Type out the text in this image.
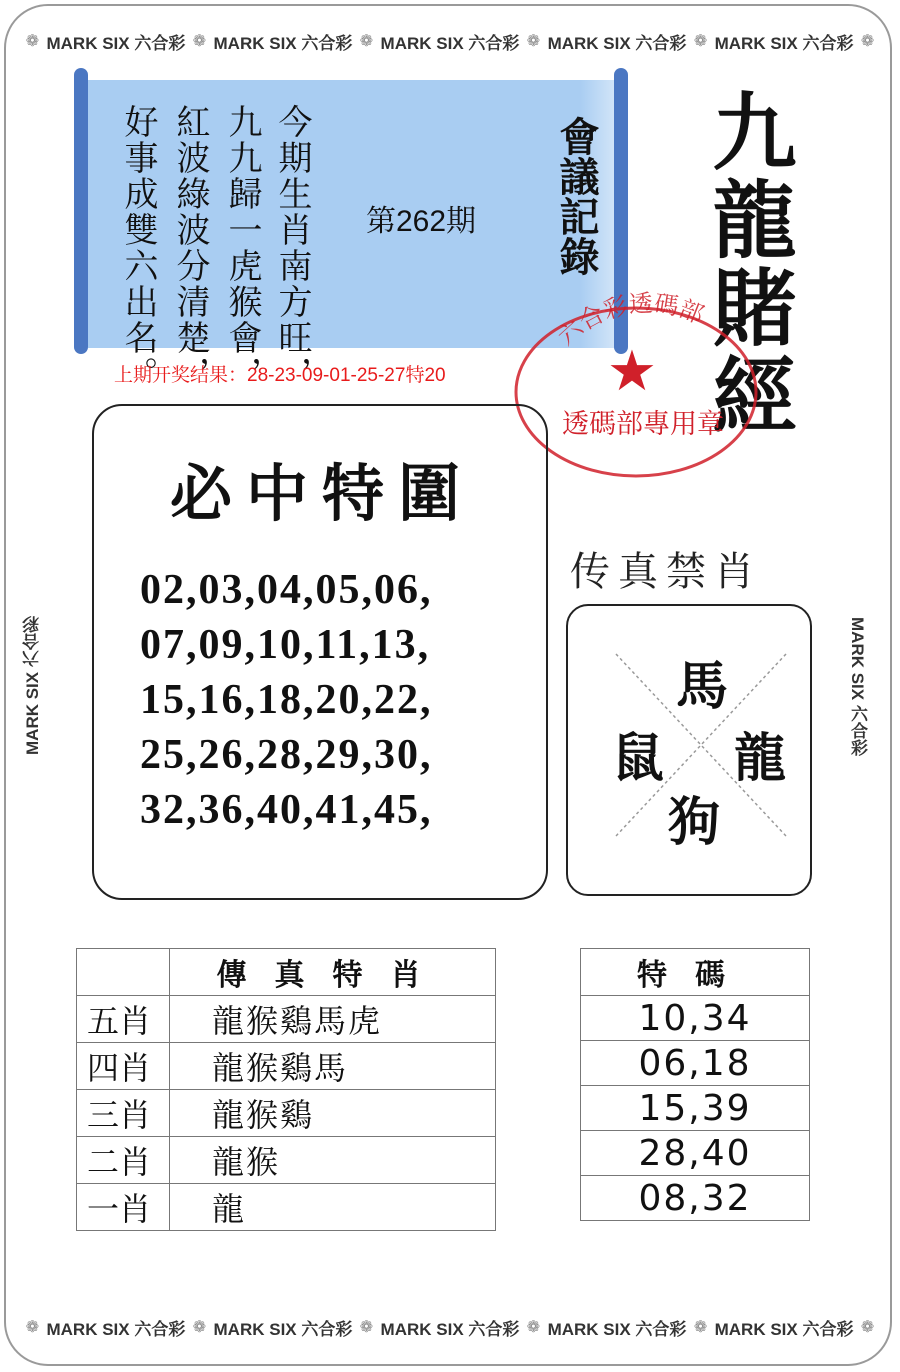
❁ MARK SIX 六合彩 ❁ MARK SIX 六合彩 ❁ MARK SIX 六合彩 ❁ MARK SIX 六合彩 ❁ MARK SIX 六合彩 ❁
❁ MARK SIX 六合彩 ❁ MARK SIX 六合彩 ❁ MARK SIX 六合彩 ❁ MARK SIX 六合彩 ❁ MARK SIX 六合彩 ❁
MARK SIX 六合彩	MARK SIX 六合彩
今期生肖南方旺，
九九歸一虎猴會，
紅波綠波分清楚，
好事成雙六出名。	第262期 會議記錄 九龍賭經
上期开奖结果：28-23-09-01-25-27特20
六合彩透碼部
★
透碼部專用章
必中特圍
02,03,04,05,06,
07,09,10,11,13,
15,16,18,20,22,
25,26,28,29,30,
32,36,40,41,45,
传真禁肖
馬
鼠 龍
狗
	傳真特肖
五肖	龍猴鷄馬虎
四肖	龍猴鷄馬
三肖	龍猴鷄
二肖	龍猴
一肖	龍
特碼
10,34
06,18
15,39
28,40
08,32
